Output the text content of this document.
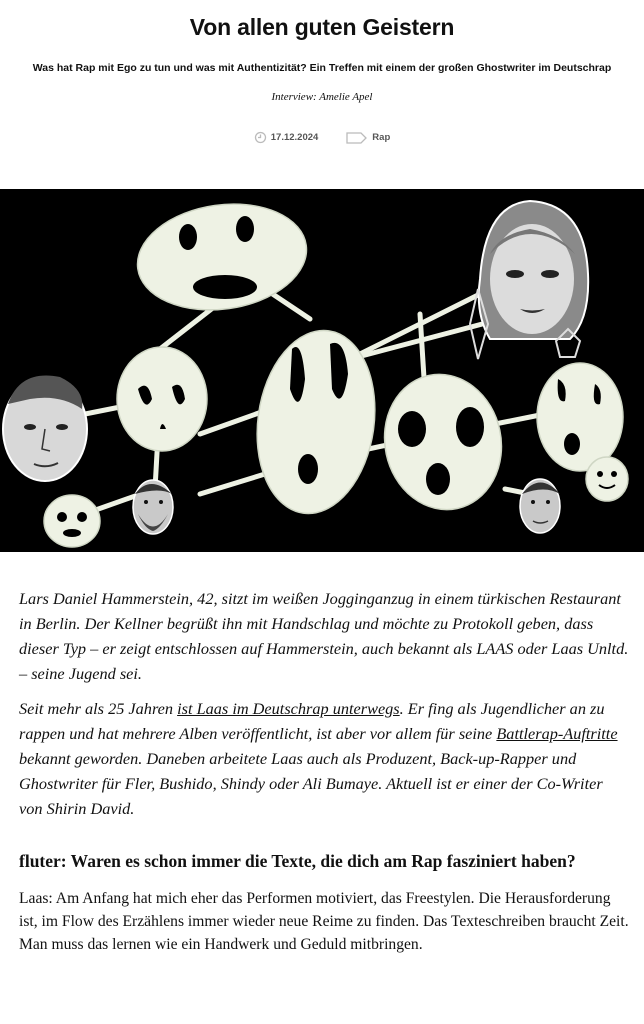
Von allen guten Geistern
Was hat Rap mit Ego zu tun und was mit Authentizität? Ein Treffen mit einem der großen Ghostwriter im Deutschrap
Interview: Amelie Apel
17.12.2024	Rap

Lars Daniel Hammerstein, 42, sitzt im weißen Jogginganzug in einem türkischen Restaurant in Berlin. Der Kellner begrüßt ihn mit Handschlag und möchte zu Protokoll geben, dass dieser Typ – er zeigt entschlossen auf Hammerstein, auch bekannt als LAAS oder Laas Unltd. – seine Jugend sei.

Seit mehr als 25 Jahren ist Laas im Deutschrap unterwegs. Er fing als Jugendlicher an zu rappen und hat mehrere Alben veröffentlicht, ist aber vor allem für seine Battlerap-Auftritte bekannt geworden. Daneben arbeitete Laas auch als Produzent, Back-up-Rapper und Ghostwriter für Fler, Bushido, Shindy oder Ali Bumaye. Aktuell ist er einer der Co-Writer von Shirin David.

fluter: Waren es schon immer die Texte, die dich am Rap fasziniert haben?

Laas: Am Anfang hat mich eher das Performen motiviert, das Freestylen. Die Herausforderung ist, im Flow des Erzählens immer wieder neue Reime zu finden. Das Texteschreiben braucht Zeit. Man muss das lernen wie ein Handwerk und Geduld mitbringen.
